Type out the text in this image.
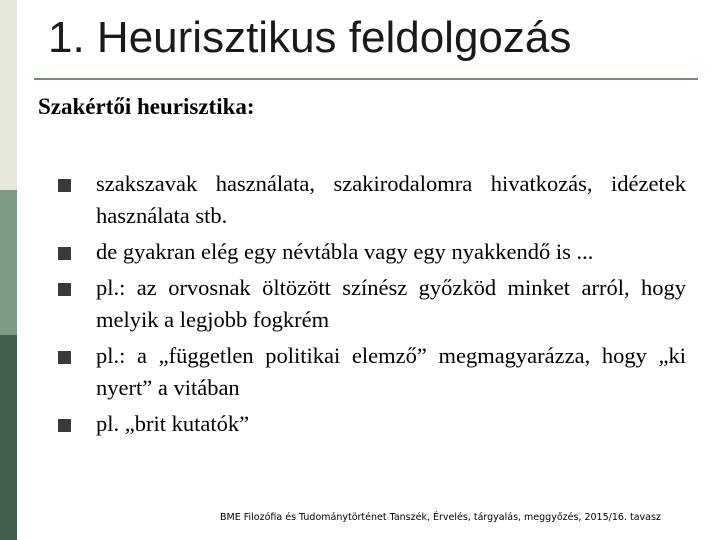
1. Heurisztikus feldolgozás
Szakértői heurisztika:
szakszavak használata, szakirodalomra hivatkozás, idézetek használata stb.
de gyakran elég egy névtábla vagy egy nyakkendő is ...
pl.: az orvosnak öltözött színész győzköd minket arról, hogy melyik a legjobb fogkrém
pl.: a „független politikai elemző” megmagyarázza, hogy „ki nyert” a vitában
pl. „brit kutatók”
BME Filozófia és Tudománytörténet Tanszék, Érvelés, tárgyalás, meggyőzés, 2015/16. tavasz
